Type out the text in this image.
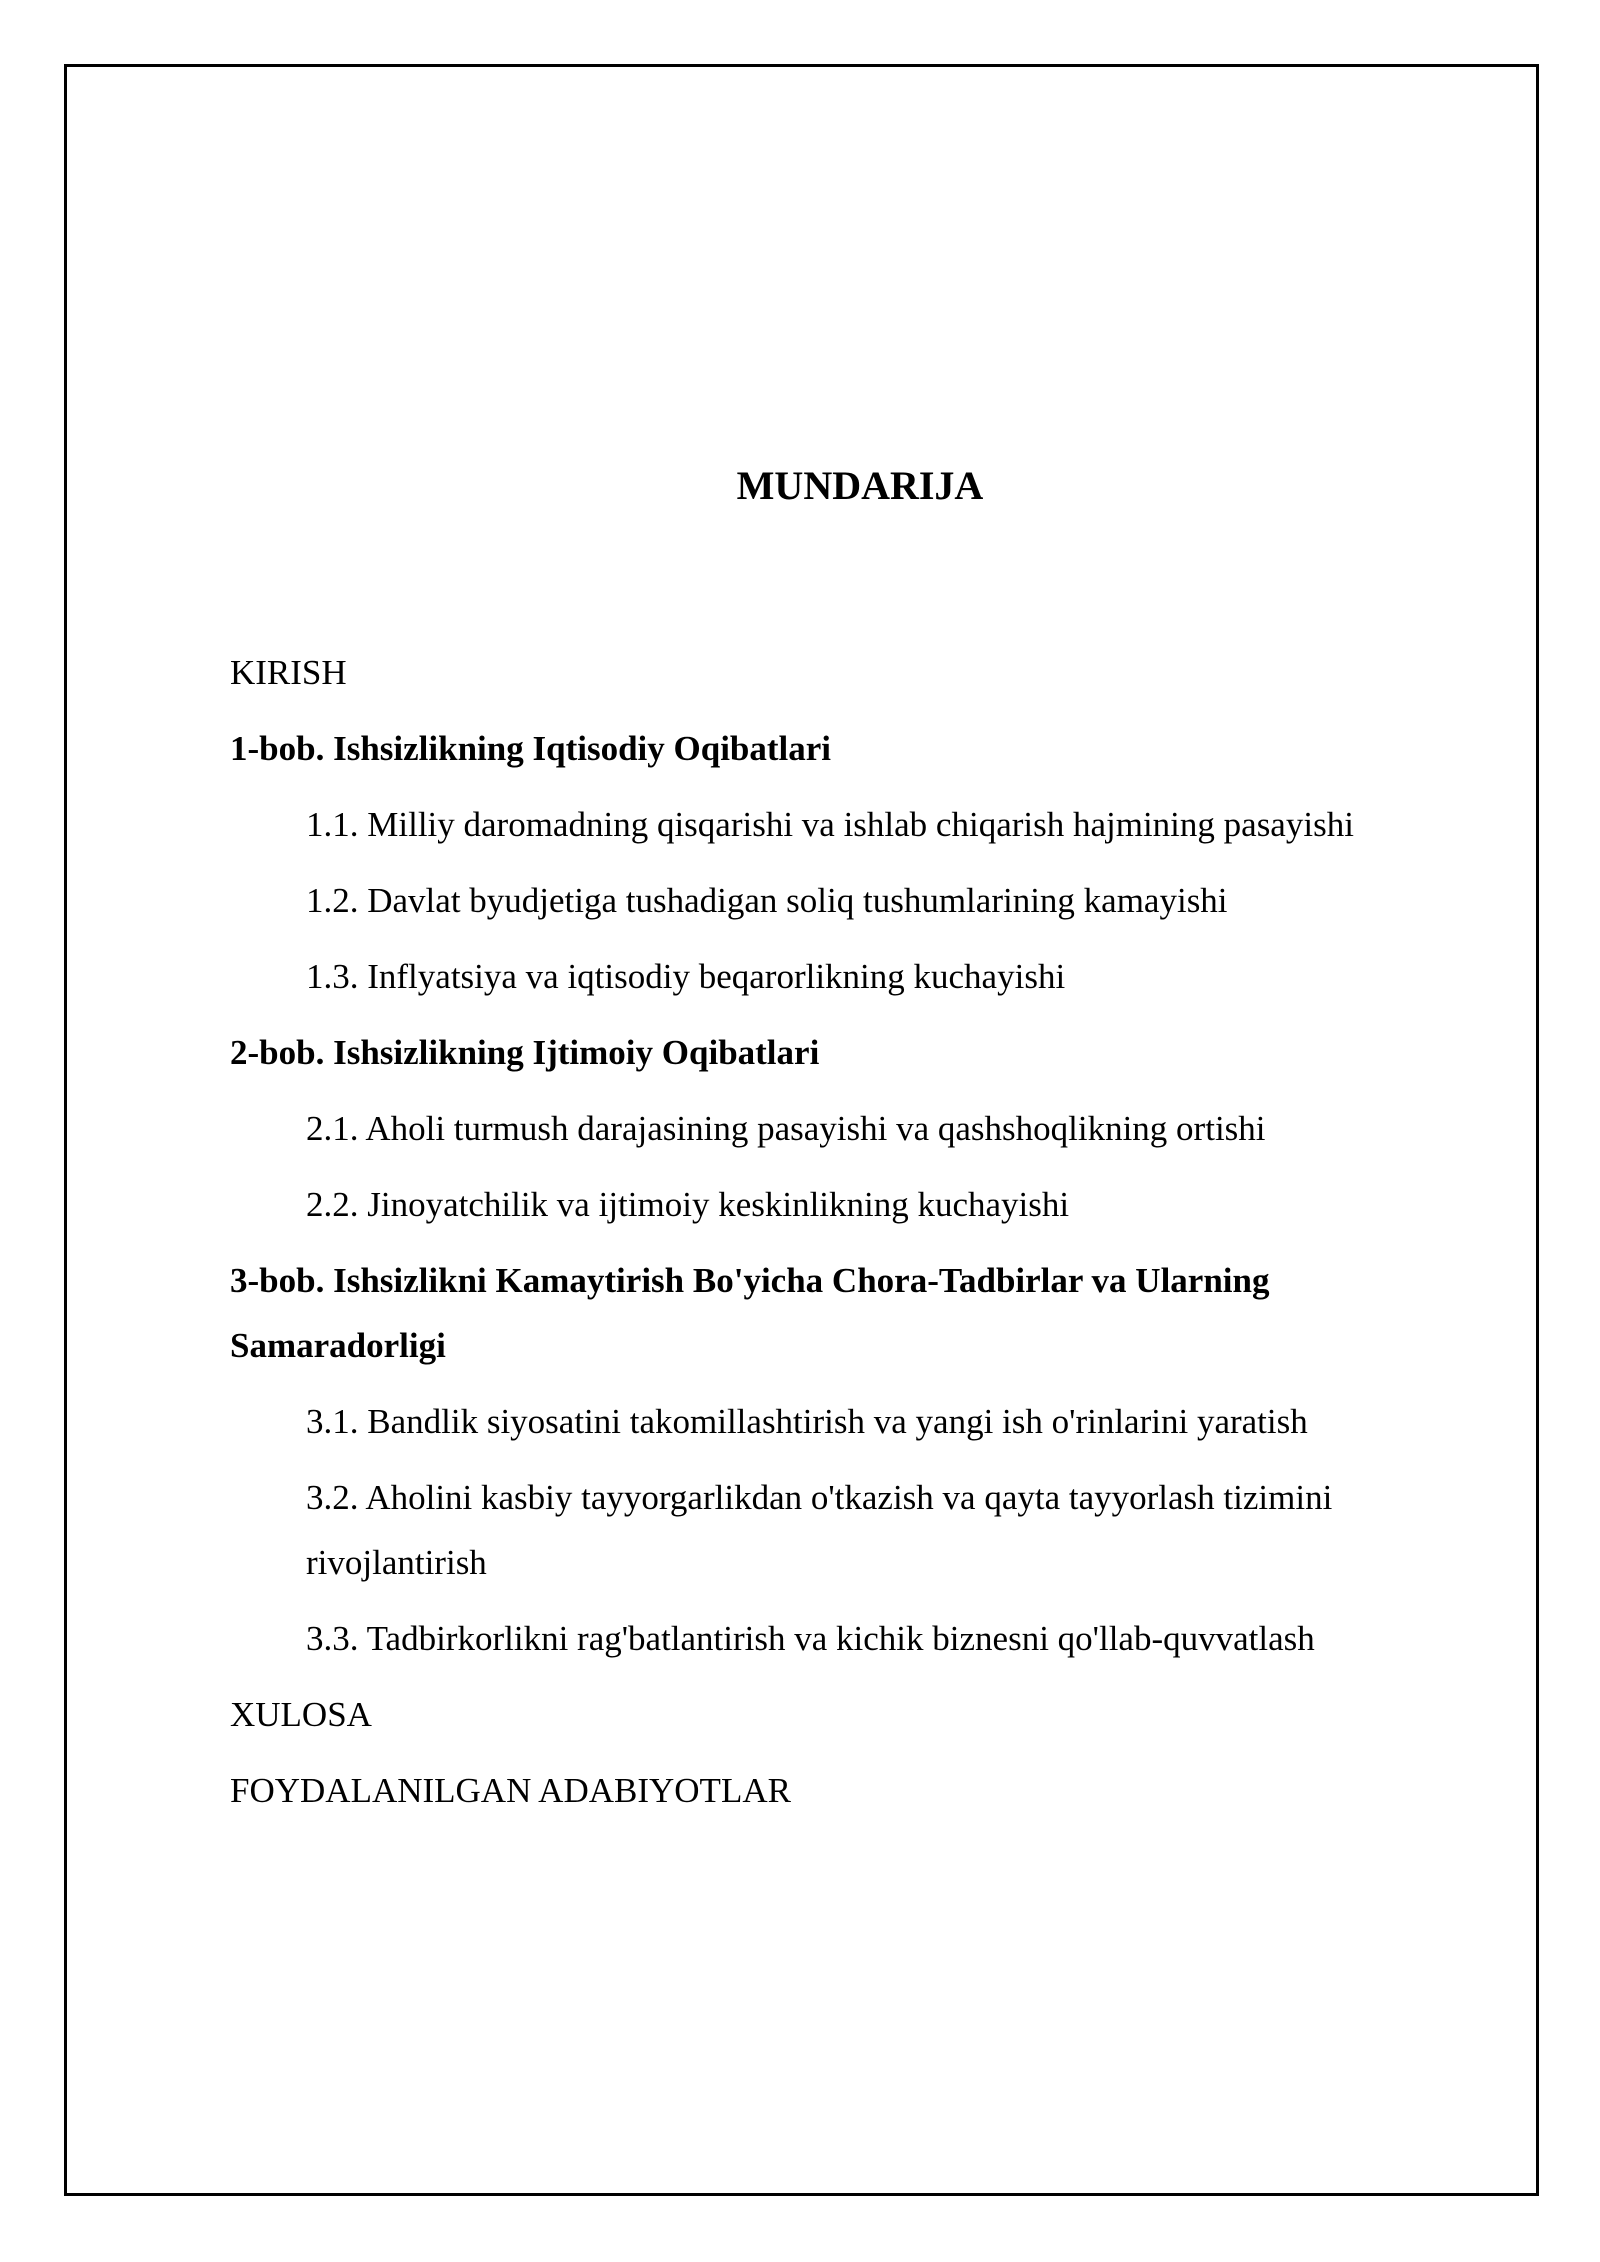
MUNDARIJA
KIRISH
1-bob. Ishsizlikning Iqtisodiy Oqibatlari
1.1. Milliy daromadning qisqarishi va ishlab chiqarish hajmining pasayishi
1.2. Davlat byudjetiga tushadigan soliq tushumlarining kamayishi
1.3. Inflyatsiya va iqtisodiy beqarorlikning kuchayishi
2-bob. Ishsizlikning Ijtimoiy Oqibatlari
2.1. Aholi turmush darajasining pasayishi va qashshoqlikning ortishi
2.2. Jinoyatchilik va ijtimoiy keskinlikning kuchayishi
3-bob. Ishsizlikni Kamaytirish Bo'yicha Chora-Tadbirlar va Ularning Samaradorligi
3.1. Bandlik siyosatini takomillashtirish va yangi ish o'rinlarini yaratish
3.2. Aholini kasbiy tayyorgarlikdan o'tkazish va qayta tayyorlash tizimini rivojlantirish
3.3. Tadbirkorlikni rag'batlantirish va kichik biznesni qo'llab-quvvatlash
XULOSA
FOYDALANILGAN ADABIYOTLAR
